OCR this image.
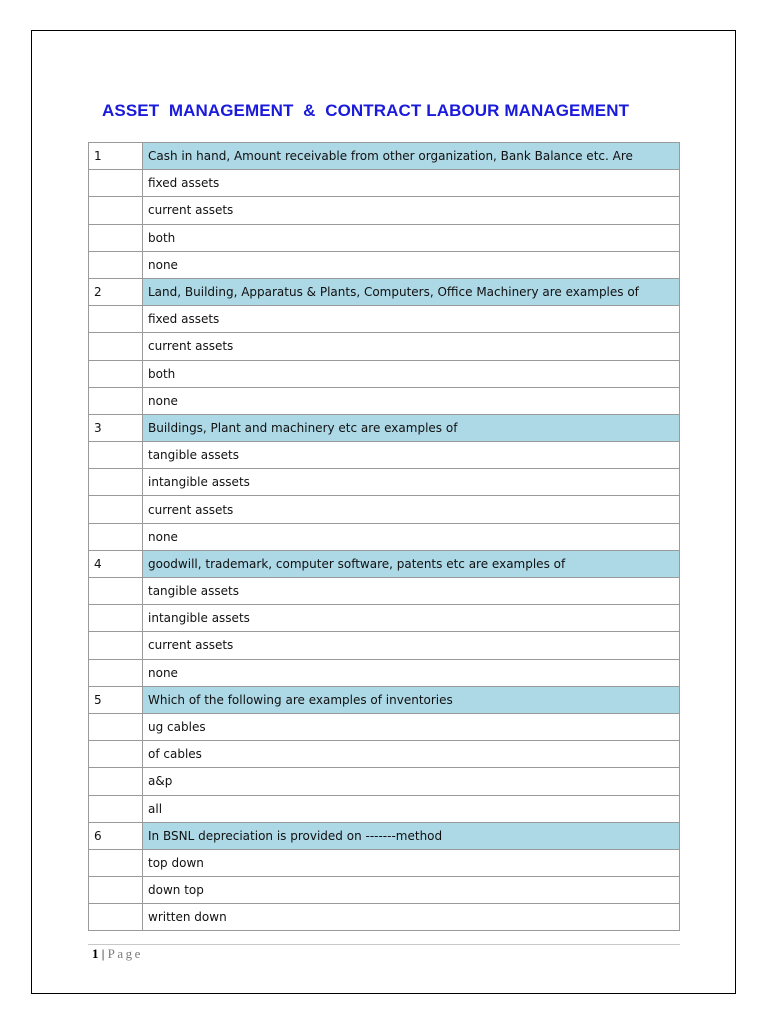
ASSET  MANAGEMENT  &  CONTRACT LABOUR MANAGEMENT
1	Cash in hand, Amount receivable from other organization, Bank Balance etc. Are
	fixed assets
	current assets
	both
	none
2	Land, Building, Apparatus & Plants, Computers, Office Machinery are examples of
	fixed assets
	current assets
	both
	none
3	Buildings, Plant and machinery etc are examples of
	tangible assets
	intangible assets
	current assets
	none
4	goodwill, trademark, computer software, patents etc are examples of
	tangible assets
	intangible assets
	current assets
	none
5	Which of the following are examples of inventories
	ug cables
	of cables
	a&p
	all
6	In BSNL depreciation is provided on -------method
	top down
	down top
	written down
1 | Page
